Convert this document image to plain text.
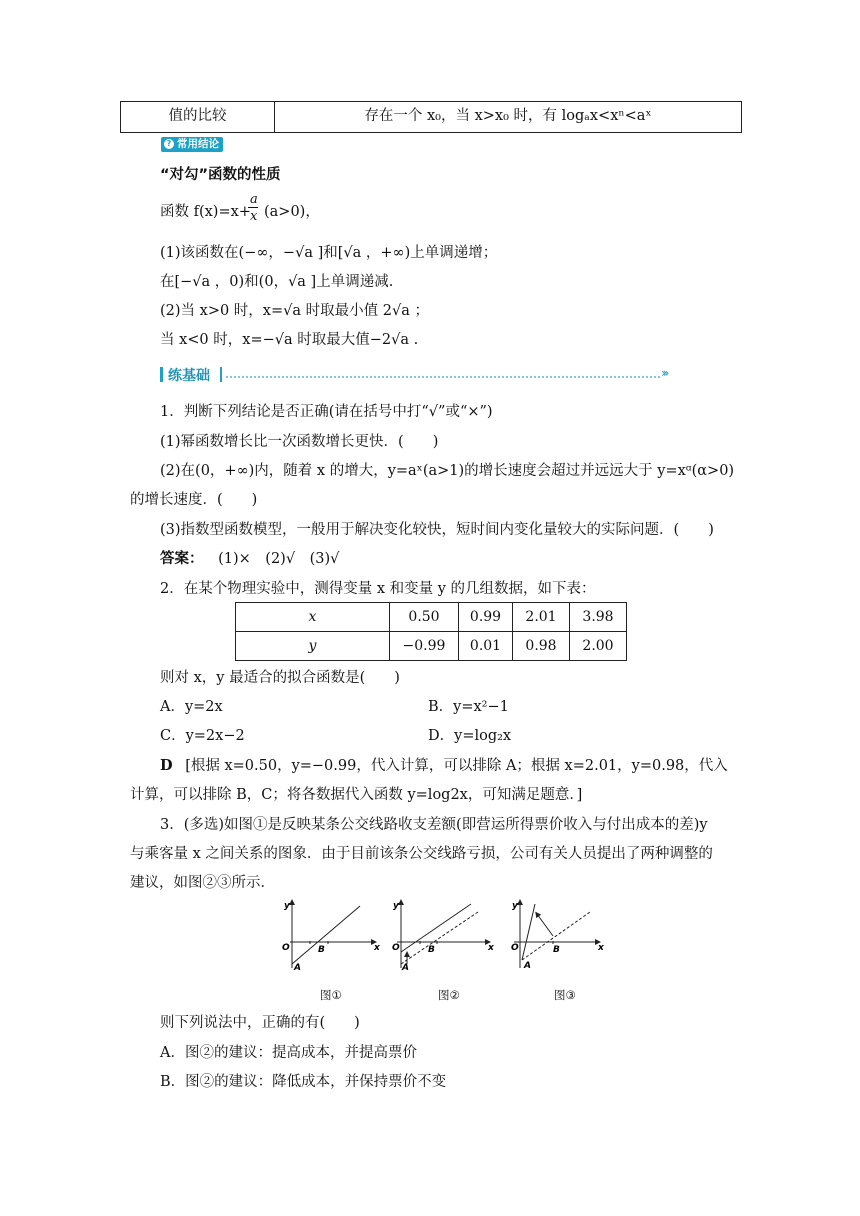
值的比较	存在一个 x₀，当 x>x₀ 时，有 logₐx<xⁿ<aˣ
? 常用结论
“对勾”函数的性质
函数 f(x)=x+
a
x (a>0)，
(1)该函数在(−∞，−√a ]和[√a ，+∞)上单调递增；
在[−√a ，0)和(0，√a ]上单调递减.
(2)当 x>0 时，x=√a 时取最小值 2√a ；
当 x<0 时，x=−√a 时取最大值−2√a .
练基础	›››
1．判断下列结论是否正确(请在括号中打“√”或“×”)
(1)幂函数增长比一次函数增长更快．(　　)
(2)在(0，+∞)内，随着 x 的增大，y=aˣ(a>1)的增长速度会超过并远远大于 y=xᵅ(α>0)
的增长速度．(　　)
(3)指数型函数模型，一般用于解决变化较快，短时间内变化量较大的实际问题．(　　)
答案： (1)×　(2)√　(3)√
2．在某个物理实验中，测得变量 x 和变量 y 的几组数据，如下表：
x	0.50	0.99	2.01	3.98
y	−0.99	0.01	0.98	2.00
则对 x，y 最适合的拟合函数是(　　)
A．y=2x	B．y=x²−1
C．y=2x−2	D．y=log₂x
D [根据 x=0.50，y=−0.99，代入计算，可以排除 A；根据 x=2.01，y=0.98，代入
计算，可以排除 B，C；将各数据代入函数 y=log2x，可知满足题意．]
3．(多选)如图①是反映某条公交线路收支差额(即营运所得票价收入与付出成本的差)y
与乘客量 x 之间关系的图象．由于目前该条公交线路亏损，公司有关人员提出了两种调整的
建议，如图②③所示．
y
x
O
A
B
y
x
O
A
B
y
x
O
A
B
图①	图②	图③
则下列说法中，正确的有(　　)
A．图②的建议：提高成本，并提高票价
B．图②的建议：降低成本，并保持票价不变
